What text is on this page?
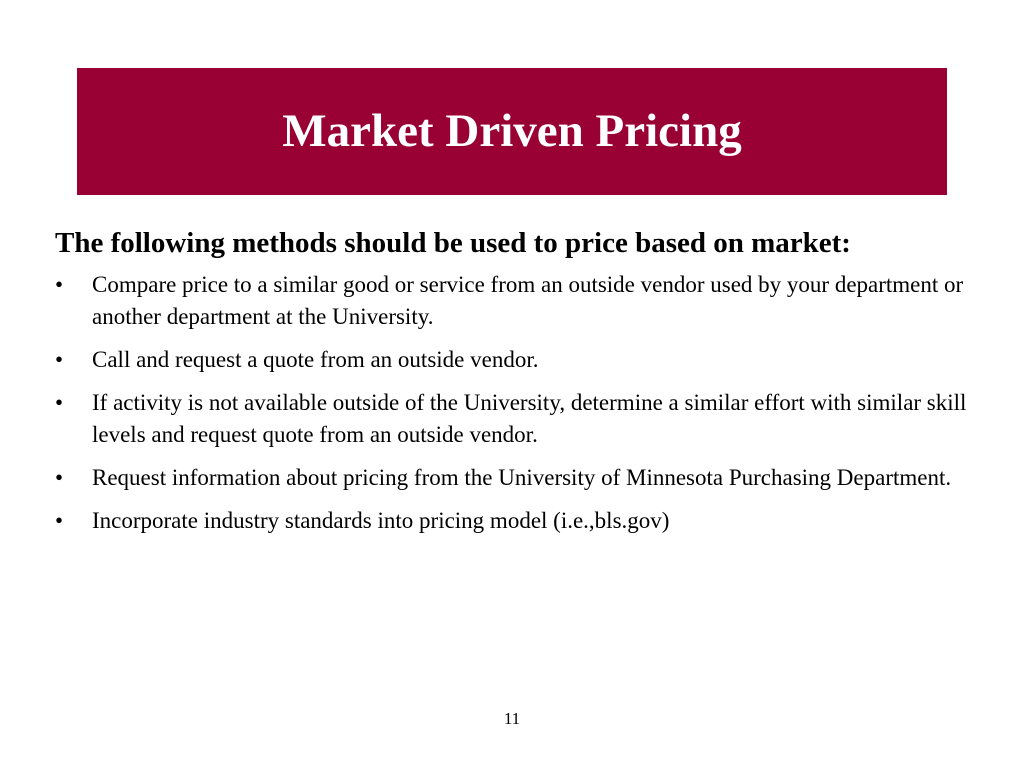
Market Driven Pricing

The following methods should be used to price based on market:

•	Compare price to a similar good or service from an outside vendor used by your department or another department at the University.
•	Call and request a quote from an outside vendor.
•	If activity is not available outside of the University, determine a similar effort with similar skill levels and request quote from an outside vendor.
•	Request information about pricing from the University of Minnesota Purchasing Department.
•	Incorporate industry standards into pricing model (i.e.,bls.gov)
11
